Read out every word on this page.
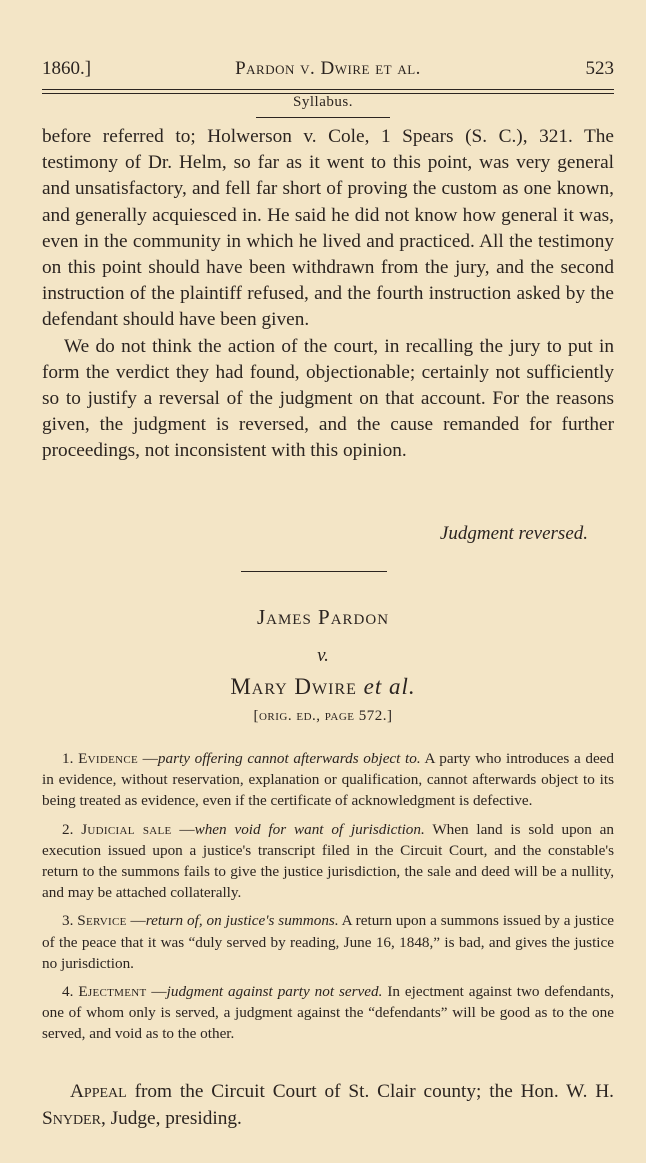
1860.]	Pardon v. Dwire et al.	523
Syllabus.

before referred to; Holwerson v. Cole, 1 Spears (S. C.), 321. The testimony of Dr. Helm, so far as it went to this point, was very general and unsatisfactory, and fell far short of proving the custom as one known, and generally acquiesced in. He said he did not know how general it was, even in the community in which he lived and practiced. All the testimony on this point should have been withdrawn from the jury, and the second instruction of the plaintiff refused, and the fourth instruction asked by the defendant should have been given.

We do not think the action of the court, in recalling the jury to put in form the verdict they had found, objectionable; certainly not sufficiently so to justify a reversal of the judgment on that account. For the reasons given, the judgment is reversed, and the cause remanded for further proceedings, not inconsistent with this opinion.

Judgment reversed.
James Pardon
v.
Mary Dwire et al.
[orig. ed., page 572.]

1. Evidence —party offering cannot afterwards object to. A party who introduces a deed in evidence, without reservation, explanation or qualification, cannot afterwards object to its being treated as evidence, even if the certificate of acknowledgment is defective.

2. Judicial sale —when void for want of jurisdiction. When land is sold upon an execution issued upon a justice's transcript filed in the Circuit Court, and the constable's return to the summons fails to give the justice jurisdiction, the sale and deed will be a nullity, and may be attached collaterally.

3. Service —return of, on justice's summons. A return upon a summons issued by a justice of the peace that it was “duly served by reading, June 16, 1848,” is bad, and gives the justice no jurisdiction.

4. Ejectment —judgment against party not served. In ejectment against two defendants, one of whom only is served, a judgment against the “defendants” will be good as to the one served, and void as to the other.

Appeal from the Circuit Court of St. Clair county; the Hon. W. H. Snyder, Judge, presiding.
